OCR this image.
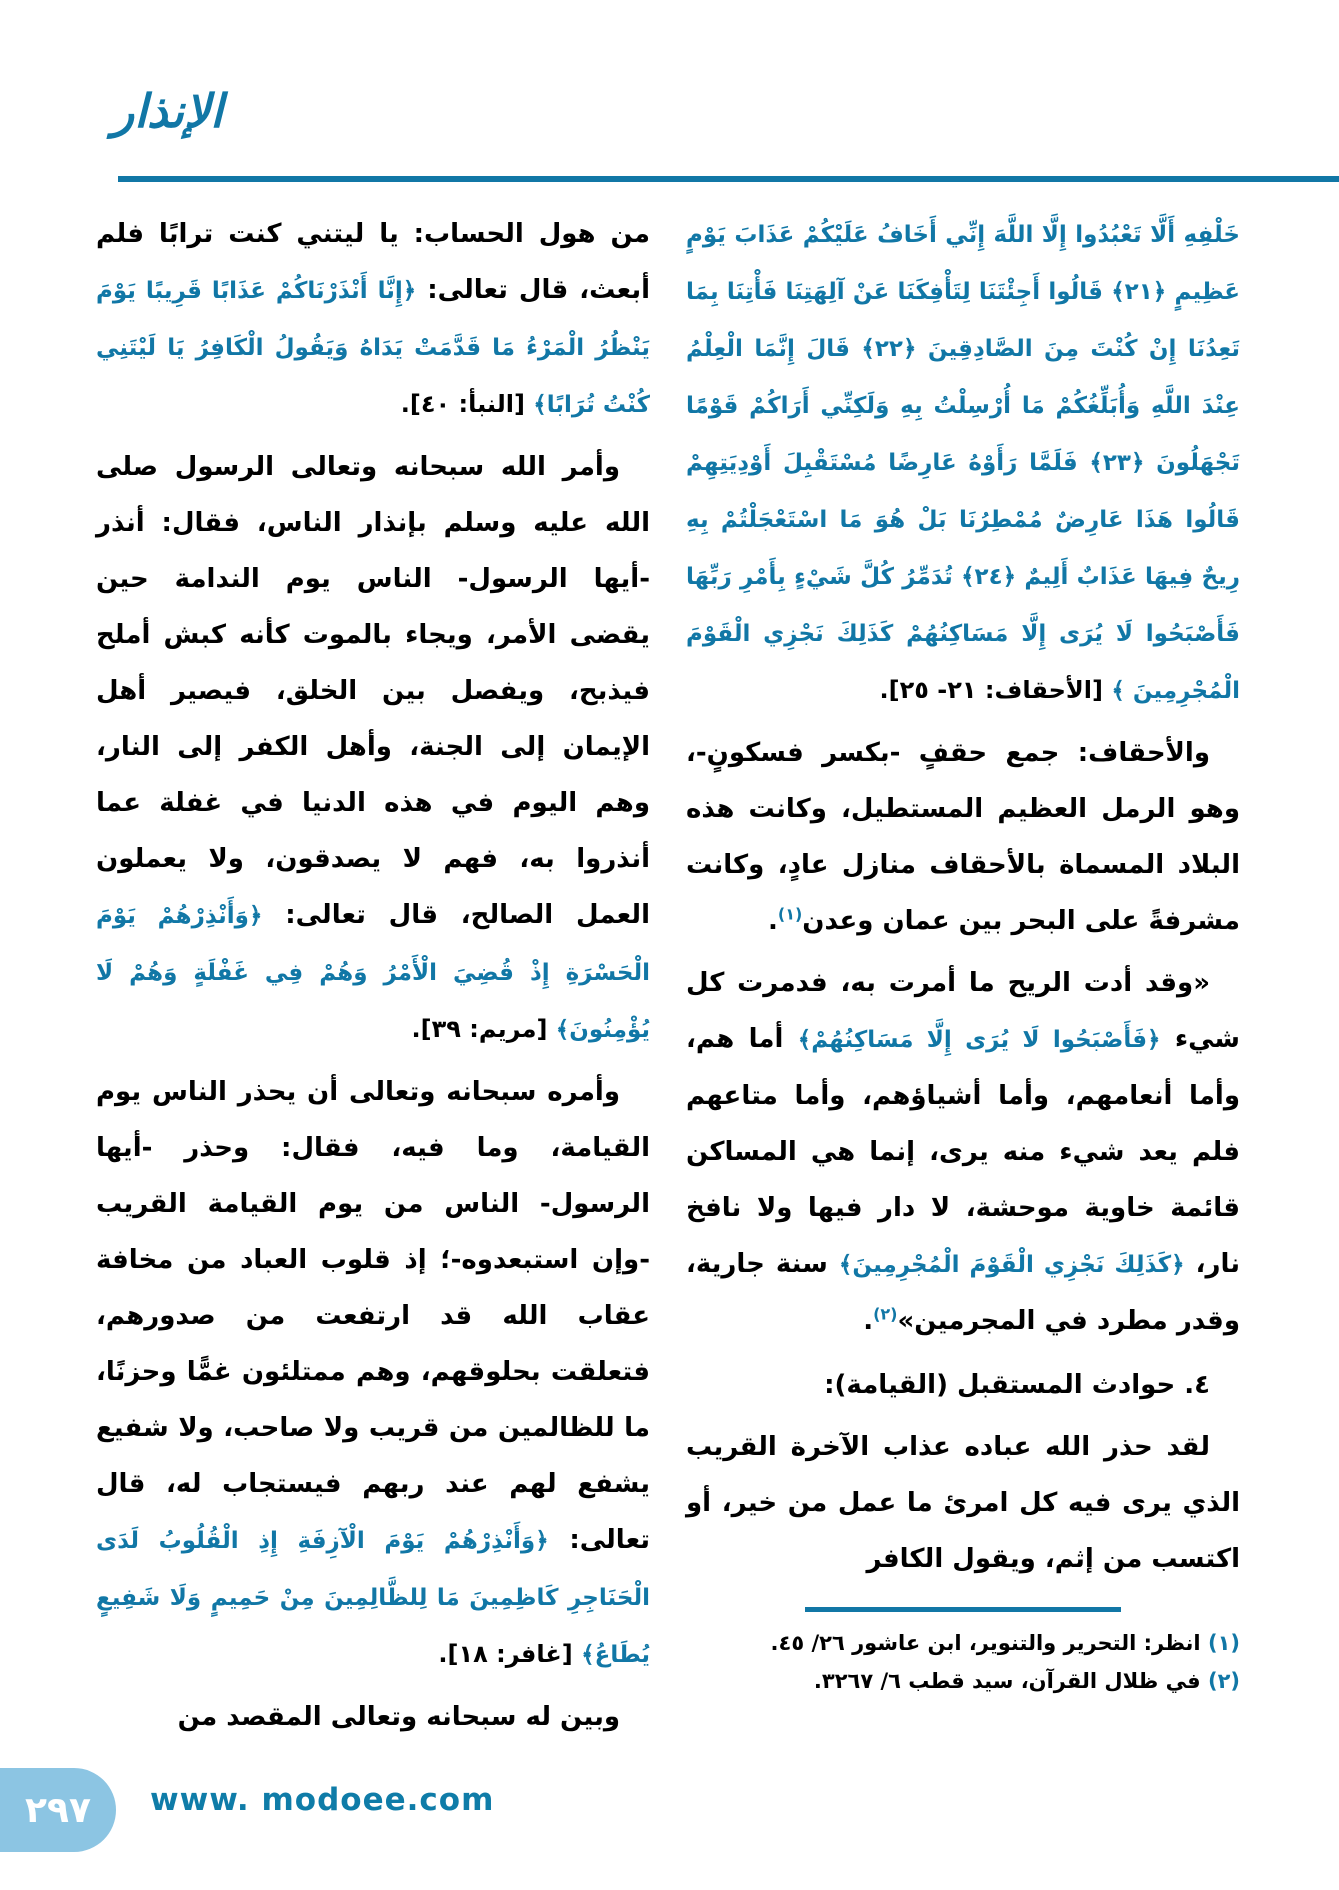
الإنذار

خَلْفِهِ أَلَّا تَعْبُدُوا إِلَّا اللَّهَ إِنِّي أَخَافُ عَلَيْكُمْ عَذَابَ يَوْمٍ عَظِيمٍ ﴿٢١﴾ قَالُوا أَجِئْتَنَا لِتَأْفِكَنَا عَنْ آلِهَتِنَا فَأْتِنَا بِمَا تَعِدُنَا إِنْ كُنْتَ مِنَ الصَّادِقِينَ ﴿٢٢﴾ قَالَ إِنَّمَا الْعِلْمُ عِنْدَ اللَّهِ وَأُبَلِّغُكُمْ مَا أُرْسِلْتُ بِهِ وَلَكِنِّي أَرَاكُمْ قَوْمًا تَجْهَلُونَ ﴿٢٣﴾ فَلَمَّا رَأَوْهُ عَارِضًا مُسْتَقْبِلَ أَوْدِيَتِهِمْ قَالُوا هَذَا عَارِضٌ مُمْطِرُنَا بَلْ هُوَ مَا اسْتَعْجَلْتُمْ بِهِ رِيحٌ فِيهَا عَذَابٌ أَلِيمٌ ﴿٢٤﴾ تُدَمِّرُ كُلَّ شَيْءٍ بِأَمْرِ رَبِّهَا فَأَصْبَحُوا لَا يُرَى إِلَّا مَسَاكِنُهُمْ كَذَلِكَ نَجْزِي الْقَوْمَ الْمُجْرِمِينَ ﴾ [الأحقاف: ٢١- ٢٥].

والأحقاف: جمع حقفٍ -بكسر فسكونٍ-، وهو الرمل العظيم المستطيل، وكانت هذه البلاد المسماة بالأحقاف منازل عادٍ، وكانت مشرفةً على البحر بين عمان وعدن$^{(١)}$.

«وقد أدت الريح ما أمرت به، فدمرت كل شيء ﴿فَأَصْبَحُوا لَا يُرَى إِلَّا مَسَاكِنُهُمْ﴾ أما هم، وأما أنعامهم، وأما أشياؤهم، وأما متاعهم فلم يعد شيء منه يرى، إنما هي المساكن قائمة خاوية موحشة، لا دار فيها ولا نافخ نار، ﴿كَذَلِكَ نَجْزِي الْقَوْمَ الْمُجْرِمِينَ﴾ سنة جارية، وقدر مطرد في المجرمين»$^{(٢)}$.

٤. حوادث المستقبل (القيامة):

لقد حذر الله عباده عذاب الآخرة القريب الذي يرى فيه كل امرئ ما عمل من خير، أو اكتسب من إثم، ويقول الكافر

(١) انظر: التحرير والتنوير، ابن عاشور ٢٦/ ٤٥.

(٢) في ظلال القرآن، سيد قطب ٦/ ٣٢٦٧.

من هول الحساب: يا ليتني كنت ترابًا فلم أبعث، قال تعالى: ﴿إِنَّا أَنْذَرْنَاكُمْ عَذَابًا قَرِيبًا يَوْمَ يَنْظُرُ الْمَرْءُ مَا قَدَّمَتْ يَدَاهُ وَيَقُولُ الْكَافِرُ يَا لَيْتَنِي كُنْتُ تُرَابًا﴾ [النبأ: ٤٠].

وأمر الله سبحانه وتعالى الرسول صلى الله عليه وسلم بإنذار الناس، فقال: أنذر -أيها الرسول- الناس يوم الندامة حين يقضى الأمر، ويجاء بالموت كأنه كبش أملح فيذبح، ويفصل بين الخلق، فيصير أهل الإيمان إلى الجنة، وأهل الكفر إلى النار، وهم اليوم في هذه الدنيا في غفلة عما أنذروا به، فهم لا يصدقون، ولا يعملون العمل الصالح، قال تعالى: ﴿وَأَنْذِرْهُمْ يَوْمَ الْحَسْرَةِ إِذْ قُضِيَ الْأَمْرُ وَهُمْ فِي غَفْلَةٍ وَهُمْ لَا يُؤْمِنُونَ﴾ [مريم: ٣٩].

وأمره سبحانه وتعالى أن يحذر الناس يوم القيامة، وما فيه، فقال: وحذر -أيها الرسول- الناس من يوم القيامة القريب -وإن استبعدوه-؛ إذ قلوب العباد من مخافة عقاب الله قد ارتفعت من صدورهم، فتعلقت بحلوقهم، وهم ممتلئون غمًّا وحزنًا، ما للظالمين من قريب ولا صاحب، ولا شفيع يشفع لهم عند ربهم فيستجاب له، قال تعالى: ﴿وَأَنْذِرْهُمْ يَوْمَ الْآزِفَةِ إِذِ الْقُلُوبُ لَدَى الْحَنَاجِرِ كَاظِمِينَ مَا لِلظَّالِمِينَ مِنْ حَمِيمٍ وَلَا شَفِيعٍ يُطَاعُ﴾ [غافر: ١٨].

وبين له سبحانه وتعالى المقصد من

٢٩٧ www. modoee.com
